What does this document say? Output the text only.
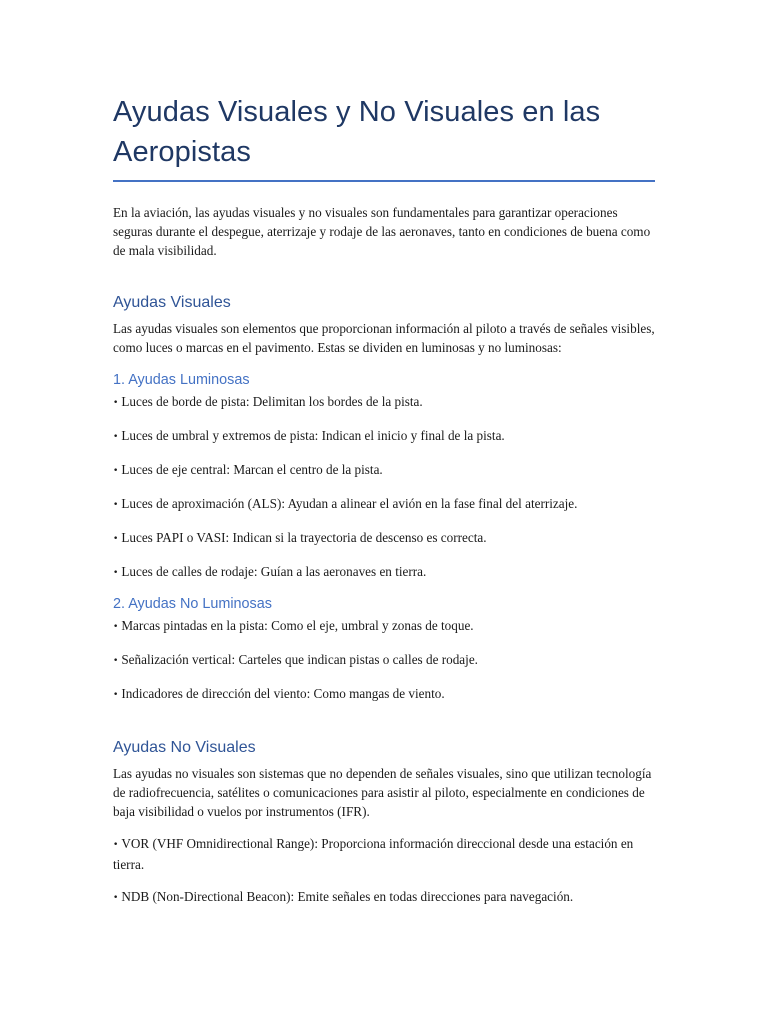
Ayudas Visuales y No Visuales en las Aeropistas

En la aviación, las ayudas visuales y no visuales son fundamentales para garantizar operaciones seguras durante el despegue, aterrizaje y rodaje de las aeronaves, tanto en condiciones de buena como de mala visibilidad.

Ayudas Visuales

Las ayudas visuales son elementos que proporcionan información al piloto a través de señales visibles, como luces o marcas en el pavimento. Estas se dividen en luminosas y no luminosas:

1. Ayudas Luminosas

• Luces de borde de pista: Delimitan los bordes de la pista.

• Luces de umbral y extremos de pista: Indican el inicio y final de la pista.

• Luces de eje central: Marcan el centro de la pista.

• Luces de aproximación (ALS): Ayudan a alinear el avión en la fase final del aterrizaje.

• Luces PAPI o VASI: Indican si la trayectoria de descenso es correcta.

• Luces de calles de rodaje: Guían a las aeronaves en tierra.

2. Ayudas No Luminosas

• Marcas pintadas en la pista: Como el eje, umbral y zonas de toque.

• Señalización vertical: Carteles que indican pistas o calles de rodaje.

• Indicadores de dirección del viento: Como mangas de viento.

Ayudas No Visuales

Las ayudas no visuales son sistemas que no dependen de señales visuales, sino que utilizan tecnología de radiofrecuencia, satélites o comunicaciones para asistir al piloto, especialmente en condiciones de baja visibilidad o vuelos por instrumentos (IFR).

• VOR (VHF Omnidirectional Range): Proporciona información direccional desde una estación en tierra.

• NDB (Non-Directional Beacon): Emite señales en todas direcciones para navegación.
